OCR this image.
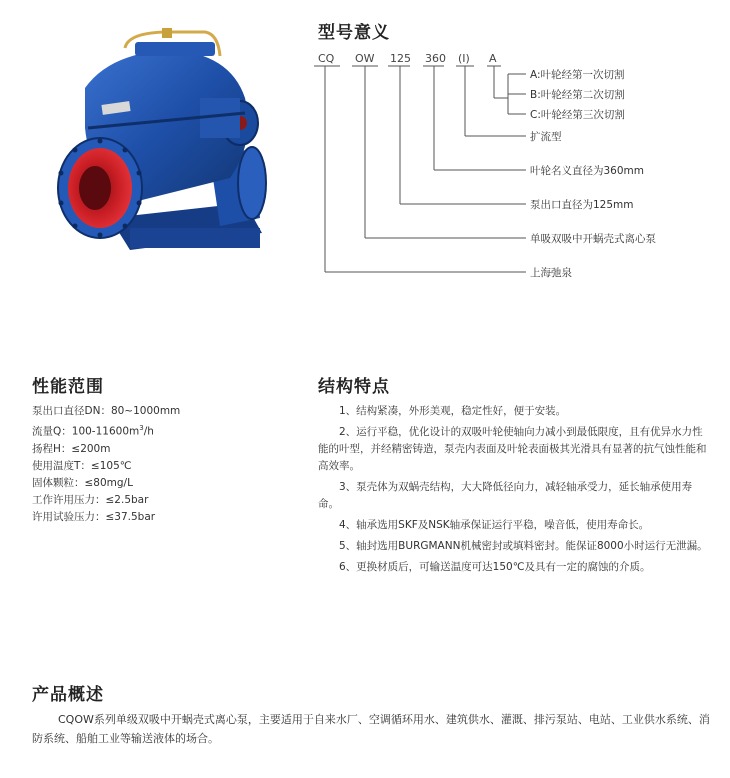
型号意义
CQ OW 125 360 (I) A
A:叶轮经第一次切割
B:叶轮经第二次切割
C:叶轮经第三次切割
扩流型
叶轮名义直径为360mm
泵出口直径为125mm
单吸双吸中开蜗壳式离心泵
上海弛泉
性能范围
泵出口直径DN：80~1000mm
流量Q：$100-11600m^3/h$
扬程H：≤200m
使用温度T：≤105℃
固体颗粒：≤80mg/L
工作许用压力：≤2.5bar
许用试验压力：≤37.5bar
结构特点

1、结构紧凑，外形美观，稳定性好，便于安装。

2、运行平稳，优化设计的双吸叶轮使轴向力减小到最低限度，且有优异水力性能的叶型，并经精密铸造，泵壳内表面及叶轮表面极其光滑具有显著的抗气蚀性能和高效率。

3、泵壳体为双蜗壳结构，大大降低径向力，减轻轴承受力，延长轴承使用寿命。

4、轴承选用SKF及NSK轴承保证运行平稳，噪音低，使用寿命长。

5、轴封选用BURGMANN机械密封或填料密封。能保证8000小时运行无泄漏。

6、更换材质后，可输送温度可达150℃及具有一定的腐蚀的介质。

产品概述

CQOW系列单级双吸中开蜗壳式离心泵，主要适用于自来水厂、空调循环用水、建筑供水、灌溉、排污泵站、电站、工业供水系统、消防系统、船舶工业等输送液体的场合。
